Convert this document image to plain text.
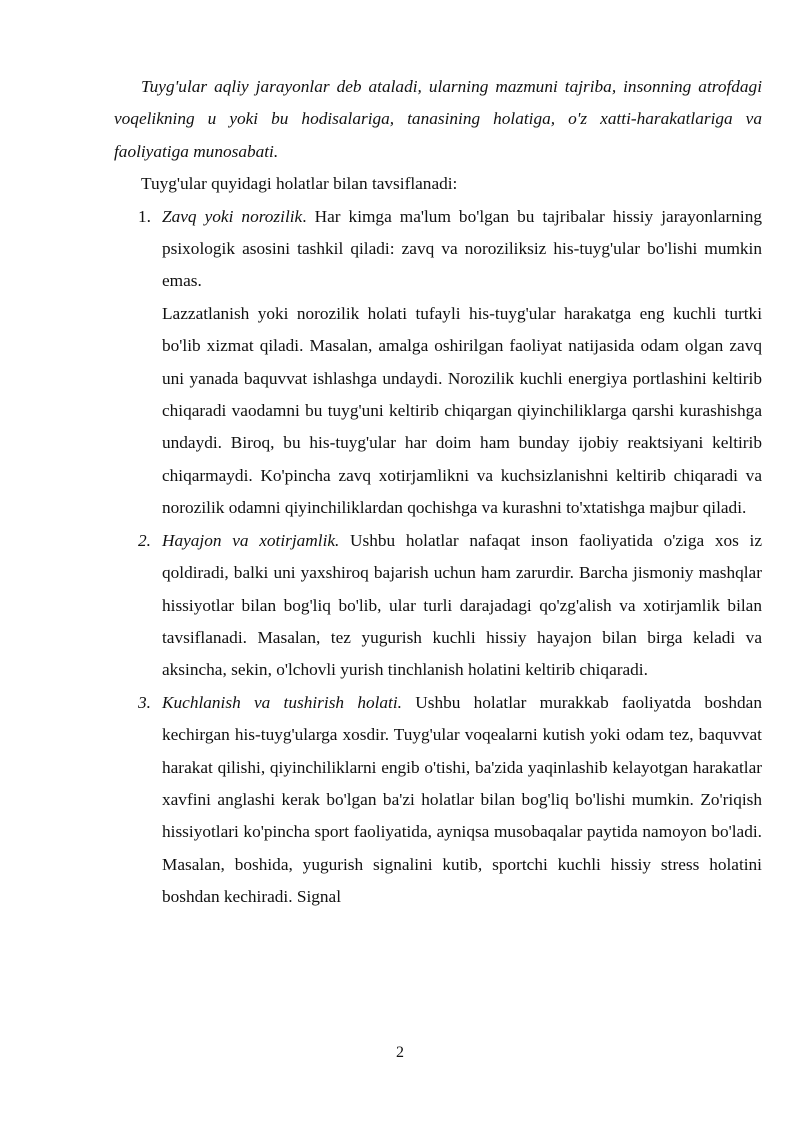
Tuyg'ular aqliy jarayonlar deb ataladi, ularning mazmuni tajriba, insonning atrofdagi voqelikning u yoki bu hodisalariga, tanasining holatiga, o'z xatti-harakatlariga va faoliyatiga munosabati.

Tuyg'ular quyidagi holatlar bilan tavsiflanadi:

1. Zavq yoki norozilik. Har kimga ma'lum bo'lgan bu tajribalar hissiy jarayonlarning psixologik asosini tashkil qiladi: zavq va noroziliksiz his-tuyg'ular bo'lishi mumkin emas.

Lazzatlanish yoki norozilik holati tufayli his-tuyg'ular harakatga eng kuchli turtki bo'lib xizmat qiladi. Masalan, amalga oshirilgan faoliyat natijasida odam olgan zavq uni yanada baquvvat ishlashga undaydi. Norozilik kuchli energiya portlashini keltirib chiqaradi vaodamni bu tuyg'uni keltirib chiqargan qiyinchiliklarga qarshi kurashishga undaydi. Biroq, bu his-tuyg'ular har doim ham bunday ijobiy reaktsiyani keltirib chiqarmaydi. Ko'pincha zavq xotirjamlikni va kuchsizlanishni keltirib chiqaradi va norozilik odamni qiyinchiliklardan qochishga va kurashni to'xtatishga majbur qiladi.

2. Hayajon va xotirjamlik. Ushbu holatlar nafaqat inson faoliyatida o'ziga xos iz qoldiradi, balki uni yaxshiroq bajarish uchun ham zarurdir. Barcha jismoniy mashqlar hissiyotlar bilan bog'liq bo'lib, ular turli darajadagi qo'zg'alish va xotirjamlik bilan tavsiflanadi. Masalan, tez yugurish kuchli hissiy hayajon bilan birga keladi va aksincha, sekin, o'lchovli yurish tinchlanish holatini keltirib chiqaradi.
3. Kuchlanish va tushirish holati. Ushbu holatlar murakkab faoliyatda boshdan kechirgan his-tuyg'ularga xosdir. Tuyg'ular voqealarni kutish yoki odam tez, baquvvat harakat qilishi, qiyinchiliklarni engib o'tishi, ba'zida yaqinlashib kelayotgan harakatlar xavfini anglashi kerak bo'lgan ba'zi holatlar bilan bog'liq bo'lishi mumkin. Zo'riqish hissiyotlari ko'pincha sport faoliyatida, ayniqsa musobaqalar paytida namoyon bo'ladi. Masalan, boshida, yugurish signalini kutib, sportchi kuchli hissiy stress holatini boshdan kechiradi. Signal
2
